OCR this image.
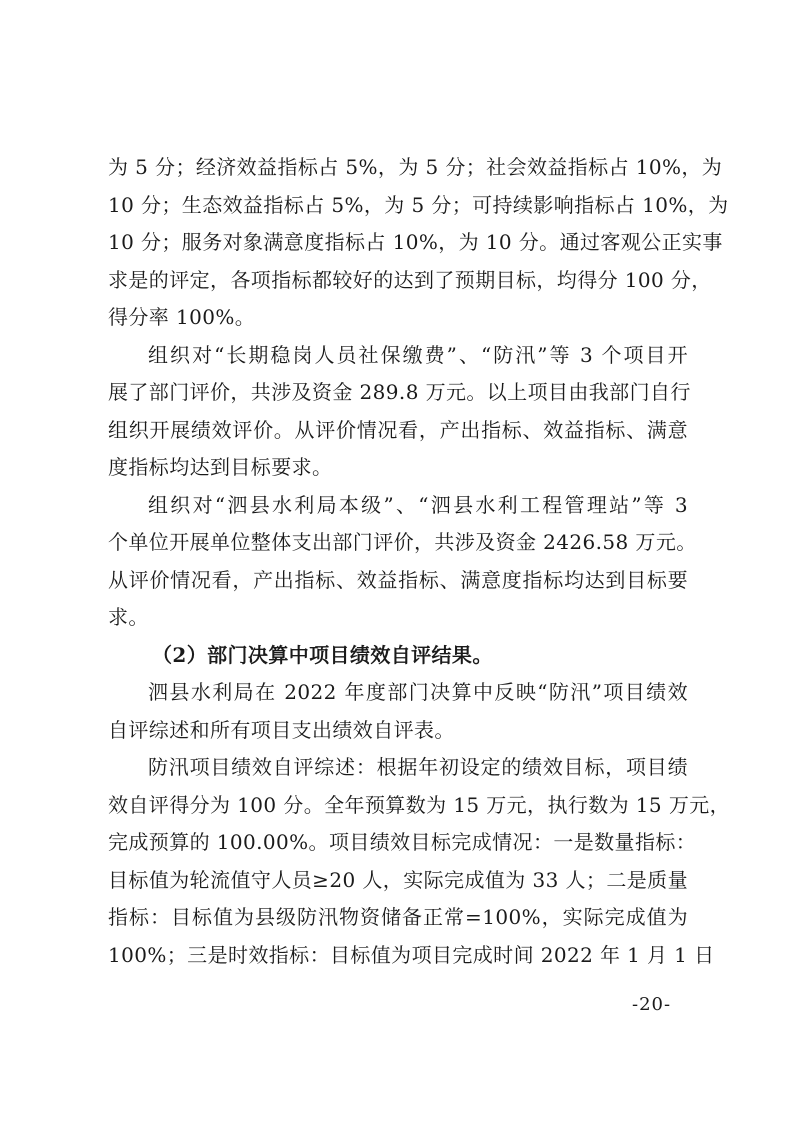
为 5 分；经济效益指标占 5%，为 5 分；社会效益指标占 10%，为
10 分；生态效益指标占 5%，为 5 分；可持续影响指标占 10%，为
10 分；服务对象满意度指标占 10%，为 10 分。通过客观公正实事
求是的评定，各项指标都较好的达到了预期目标，均得分 100 分，
得分率 100%。
组织对“长期稳岗人员社保缴费”、“防汛”等 3 个项目开
展了部门评价，共涉及资金 289.8 万元。以上项目由我部门自行
组织开展绩效评价。从评价情况看，产出指标、效益指标、满意
度指标均达到目标要求。
组织对“泗县水利局本级”、“泗县水利工程管理站”等 3
个单位开展单位整体支出部门评价，共涉及资金 2426.58 万元。
从评价情况看，产出指标、效益指标、满意度指标均达到目标要
求。
（2）部门决算中项目绩效自评结果。
泗县水利局在 2022 年度部门决算中反映“防汛”项目绩效
自评综述和所有项目支出绩效自评表。
防汛项目绩效自评综述：根据年初设定的绩效目标，项目绩
效自评得分为 100 分。全年预算数为 15 万元，执行数为 15 万元，
完成预算的 100.00%。项目绩效目标完成情况：一是数量指标：
目标值为轮流值守人员≥20 人，实际完成值为 33 人；二是质量
指标：目标值为县级防汛物资储备正常=100%，实际完成值为
100%；三是时效指标：目标值为项目完成时间 2022 年 1 月 1 日
-20-
